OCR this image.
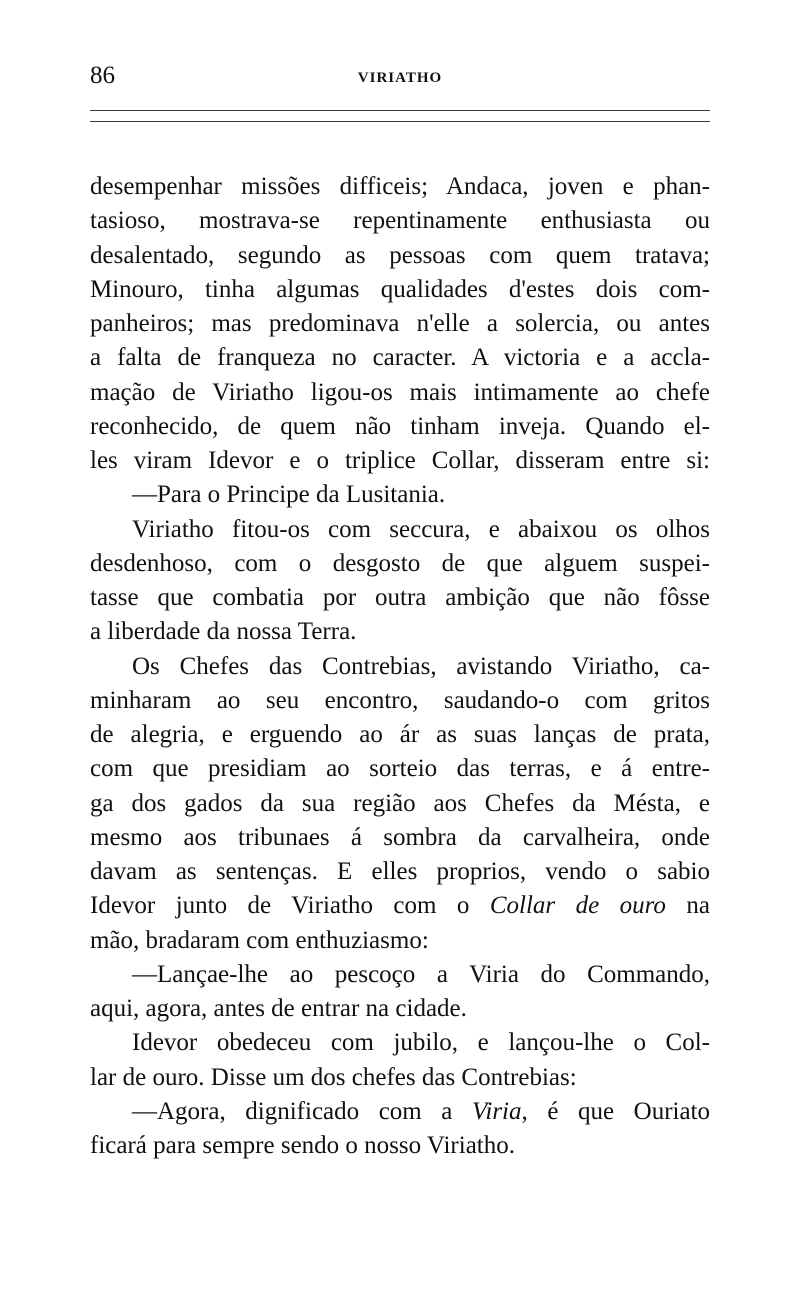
86	VIRIATHO
desempenhar missões difficeis; Andaca, joven e phan-
tasioso, mostrava-se repentinamente enthusiasta ou
desalentado, segundo as pessoas com quem tratava;
Minouro, tinha algumas qualidades d'estes dois com-
panheiros; mas predominava n'elle a solercia, ou antes
a falta de franqueza no caracter. A victoria e a accla-
mação de Viriatho ligou-os mais intimamente ao chefe
reconhecido, de quem não tinham inveja. Quando el-
les viram Idevor e o triplice Collar, disseram entre si:
—Para o Principe da Lusitania.
Viriatho fitou-os com seccura, e abaixou os olhos
desdenhoso, com o desgosto de que alguem suspei-
tasse que combatia por outra ambição que não fôsse
a liberdade da nossa Terra.
Os Chefes das Contrebias, avistando Viriatho, ca-
minharam ao seu encontro, saudando-o com gritos
de alegria, e erguendo ao ár as suas lanças de prata,
com que presidiam ao sorteio das terras, e á entre-
ga dos gados da sua região aos Chefes da Mésta, e
mesmo aos tribunaes á sombra da carvalheira, onde
davam as sentenças. E elles proprios, vendo o sabio
Idevor junto de Viriatho com o Collar de ouro na
mão, bradaram com enthuziasmo:
—Lançae-lhe ao pescoço a Viria do Commando,
aqui, agora, antes de entrar na cidade.
Idevor obedeceu com jubilo, e lançou-lhe o Col-
lar de ouro. Disse um dos chefes das Contrebias:
—Agora, dignificado com a Viria, é que Ouriato
ficará para sempre sendo o nosso Viriatho.
